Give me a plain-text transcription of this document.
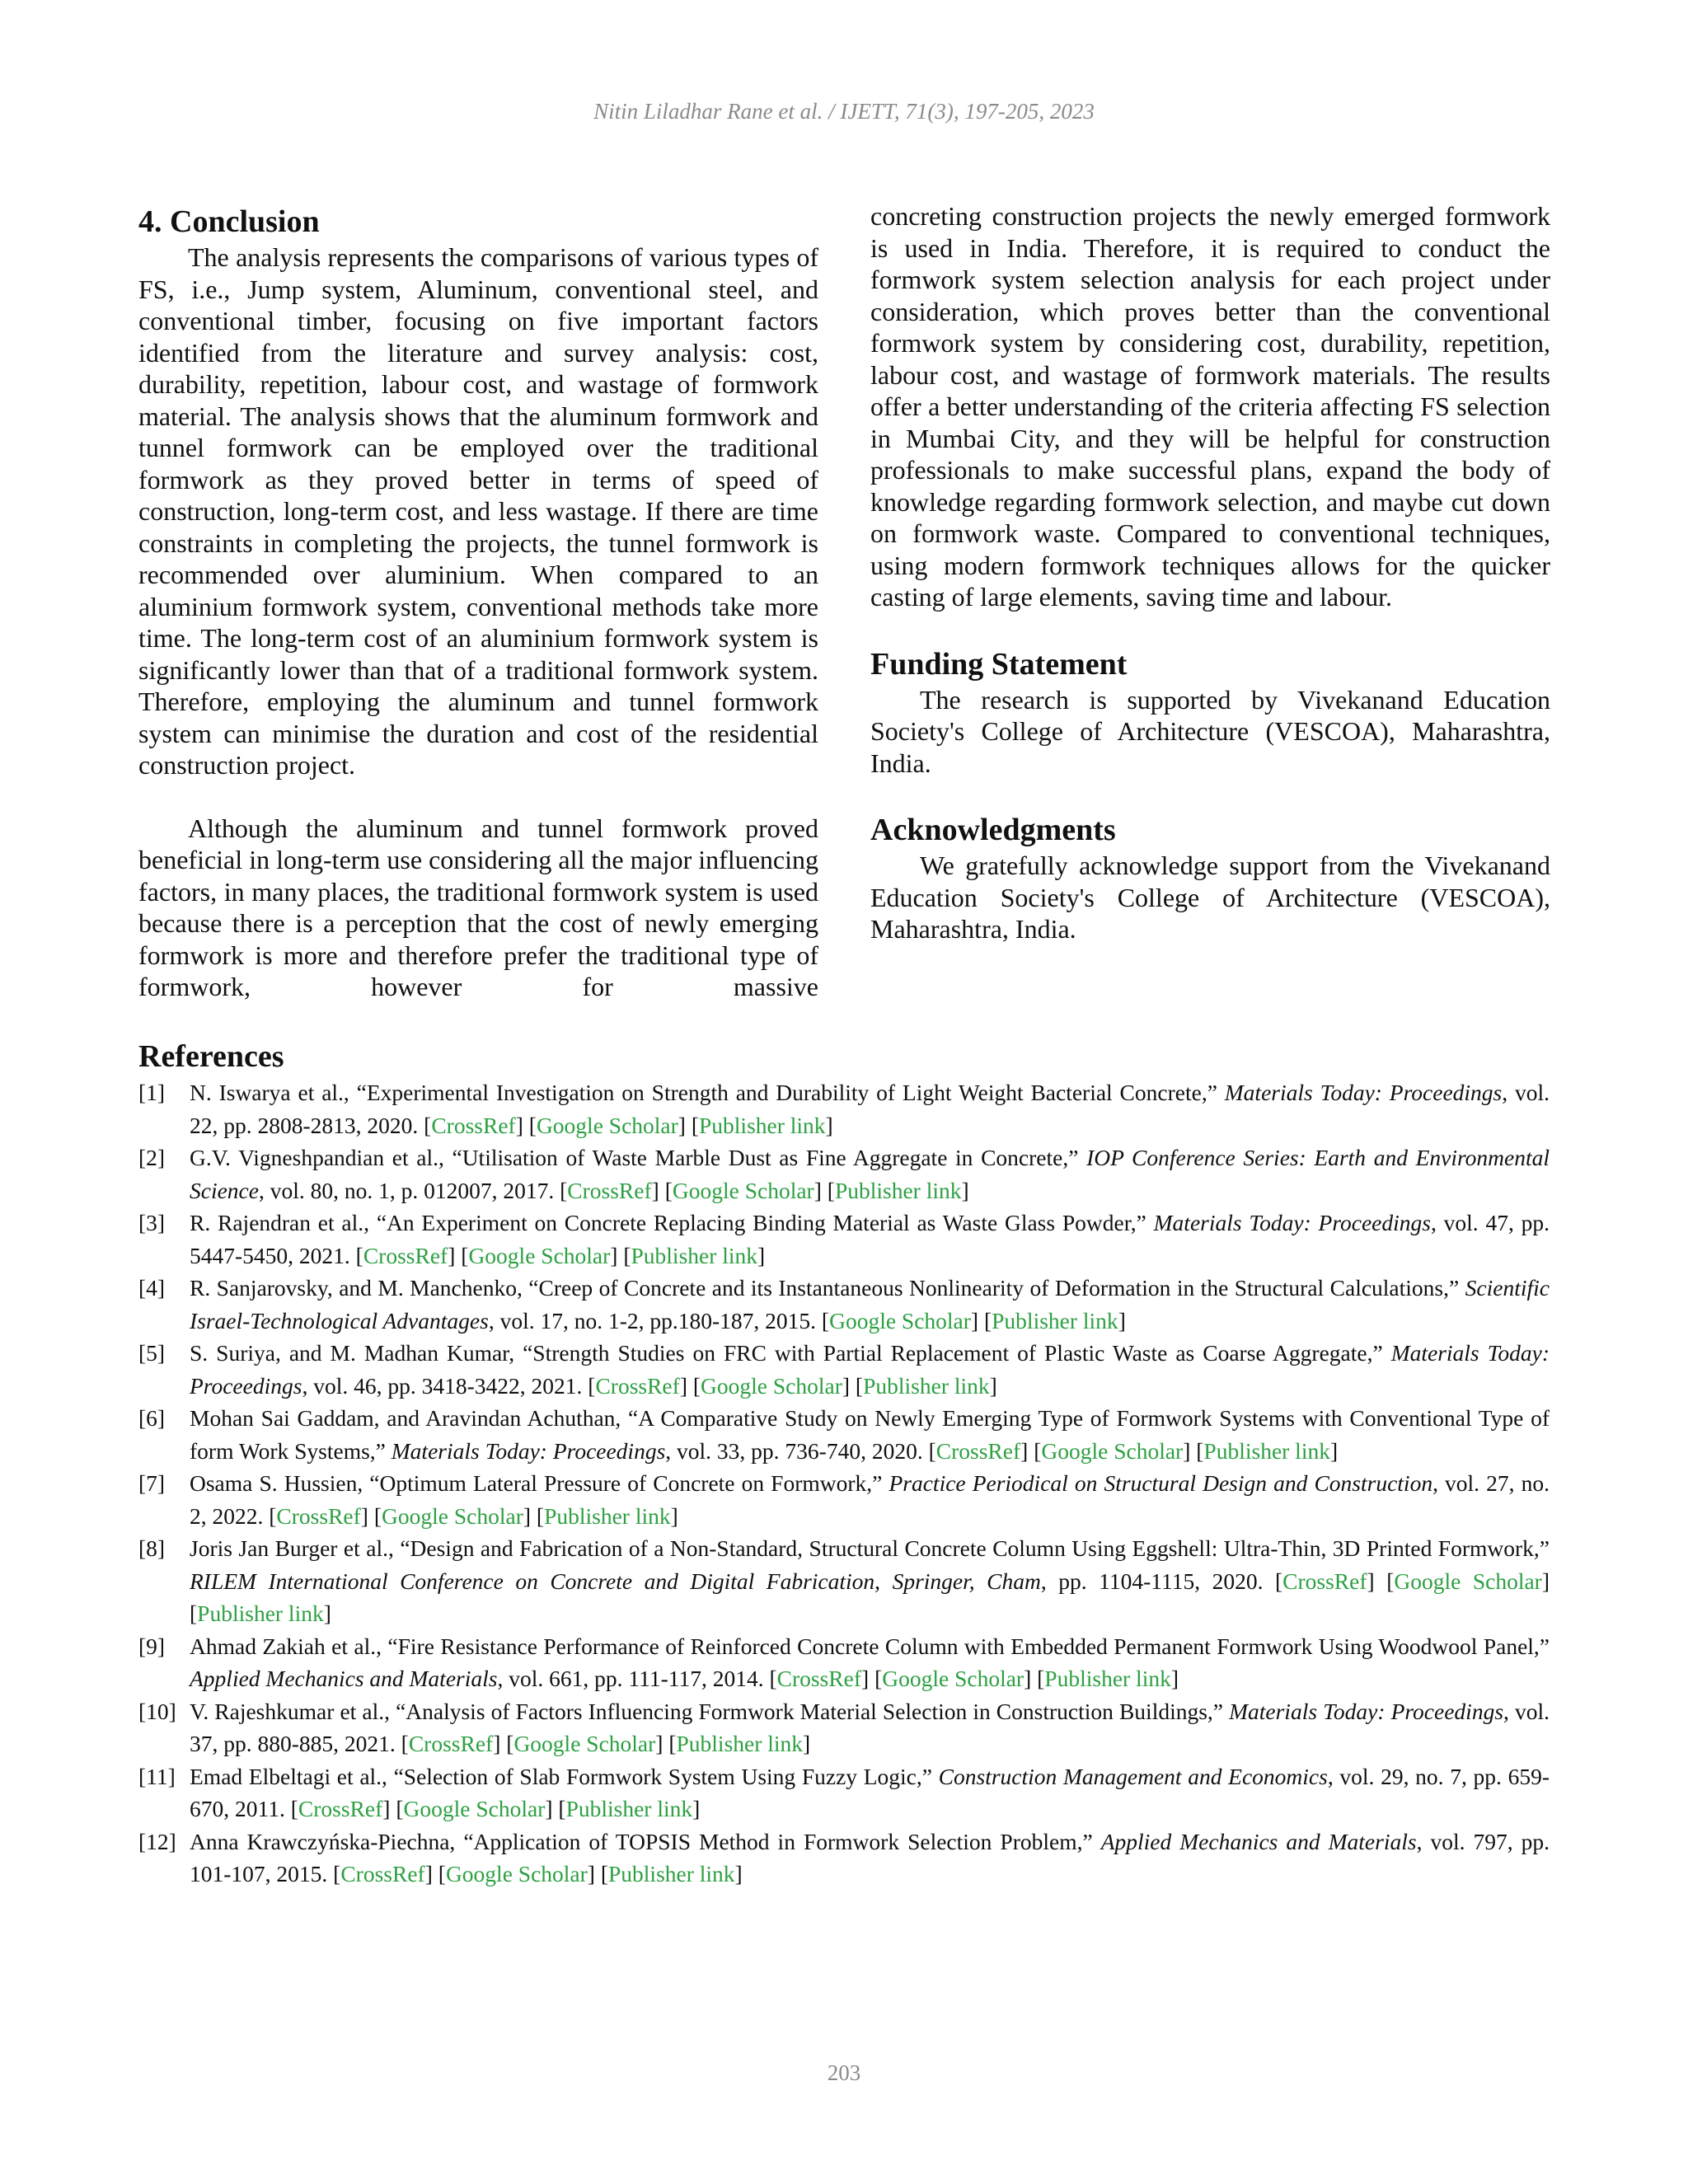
Nitin Liladhar Rane et al. / IJETT, 71(3), 197-205, 2023
4. Conclusion

The analysis represents the comparisons of various types of FS, i.e., Jump system, Aluminum, conventional steel, and conventional timber, focusing on five important factors identified from the literature and survey analysis: cost, durability, repetition, labour cost, and wastage of formwork material. The analysis shows that the aluminum formwork and tunnel formwork can be employed over the traditional formwork as they proved better in terms of speed of construction, long-term cost, and less wastage. If there are time constraints in completing the projects, the tunnel formwork is recommended over aluminium. When compared to an aluminium formwork system, conventional methods take more time. The long-term cost of an aluminium formwork system is significantly lower than that of a traditional formwork system. Therefore, employing the aluminum and tunnel formwork system can minimise the duration and cost of the residential construction project.

Although the aluminum and tunnel formwork proved beneficial in long-term use considering all the major influencing factors, in many places, the traditional formwork system is used because there is a perception that the cost of newly emerging formwork is more and therefore prefer the traditional type of formwork, however for massive

concreting construction projects the newly emerged formwork is used in India. Therefore, it is required to conduct the formwork system selection analysis for each project under consideration, which proves better than the conventional formwork system by considering cost, durability, repetition, labour cost, and wastage of formwork materials. The results offer a better understanding of the criteria affecting FS selection in Mumbai City, and they will be helpful for construction professionals to make successful plans, expand the body of knowledge regarding formwork selection, and maybe cut down on formwork waste. Compared to conventional techniques, using modern formwork techniques allows for the quicker casting of large elements, saving time and labour.

Funding Statement

The research is supported by Vivekanand Education Society's College of Architecture (VESCOA), Maharashtra, India.

Acknowledgments

We gratefully acknowledge support from the Vivekanand Education Society's College of Architecture (VESCOA), Maharashtra, India.

References
[1] N. Iswarya et al., “Experimental Investigation on Strength and Durability of Light Weight Bacterial Concrete,” Materials Today: Proceedings, vol. 22, pp. 2808-2813, 2020. [CrossRef] [Google Scholar] [Publisher link]
[2] G.V. Vigneshpandian et al., “Utilisation of Waste Marble Dust as Fine Aggregate in Concrete,” IOP Conference Series: Earth and Environmental Science, vol. 80, no. 1, p. 012007, 2017. [CrossRef] [Google Scholar] [Publisher link]
[3] R. Rajendran et al., “An Experiment on Concrete Replacing Binding Material as Waste Glass Powder,” Materials Today: Proceedings, vol. 47, pp. 5447-5450, 2021. [CrossRef] [Google Scholar] [Publisher link]
[4] R. Sanjarovsky, and M. Manchenko, “Creep of Concrete and its Instantaneous Nonlinearity of Deformation in the Structural Calculations,” Scientific Israel-Technological Advantages, vol. 17, no. 1-2, pp.180-187, 2015. [Google Scholar] [Publisher link]
[5] S. Suriya, and M. Madhan Kumar, “Strength Studies on FRC with Partial Replacement of Plastic Waste as Coarse Aggregate,” Materials Today: Proceedings, vol. 46, pp. 3418-3422, 2021. [CrossRef] [Google Scholar] [Publisher link]
[6] Mohan Sai Gaddam, and Aravindan Achuthan, “A Comparative Study on Newly Emerging Type of Formwork Systems with Conventional Type of form Work Systems,” Materials Today: Proceedings, vol. 33, pp. 736-740, 2020. [CrossRef] [Google Scholar] [Publisher link]
[7] Osama S. Hussien, “Optimum Lateral Pressure of Concrete on Formwork,” Practice Periodical on Structural Design and Construction, vol. 27, no. 2, 2022. [CrossRef] [Google Scholar] [Publisher link]
[8] Joris Jan Burger et al., “Design and Fabrication of a Non-Standard, Structural Concrete Column Using Eggshell: Ultra-Thin, 3D Printed Formwork,” RILEM International Conference on Concrete and Digital Fabrication, Springer, Cham, pp. 1104-1115, 2020. [CrossRef] [Google Scholar] [Publisher link]
[9] Ahmad Zakiah et al., “Fire Resistance Performance of Reinforced Concrete Column with Embedded Permanent Formwork Using Woodwool Panel,” Applied Mechanics and Materials, vol. 661, pp. 111-117, 2014. [CrossRef] [Google Scholar] [Publisher link]
[10] V. Rajeshkumar et al., “Analysis of Factors Influencing Formwork Material Selection in Construction Buildings,” Materials Today: Proceedings, vol. 37, pp. 880-885, 2021. [CrossRef] [Google Scholar] [Publisher link]
[11] Emad Elbeltagi et al., “Selection of Slab Formwork System Using Fuzzy Logic,” Construction Management and Economics, vol. 29, no. 7, pp. 659-670, 2011. [CrossRef] [Google Scholar] [Publisher link]
[12] Anna Krawczyńska-Piechna, “Application of TOPSIS Method in Formwork Selection Problem,” Applied Mechanics and Materials, vol. 797, pp. 101-107, 2015. [CrossRef] [Google Scholar] [Publisher link]
203
